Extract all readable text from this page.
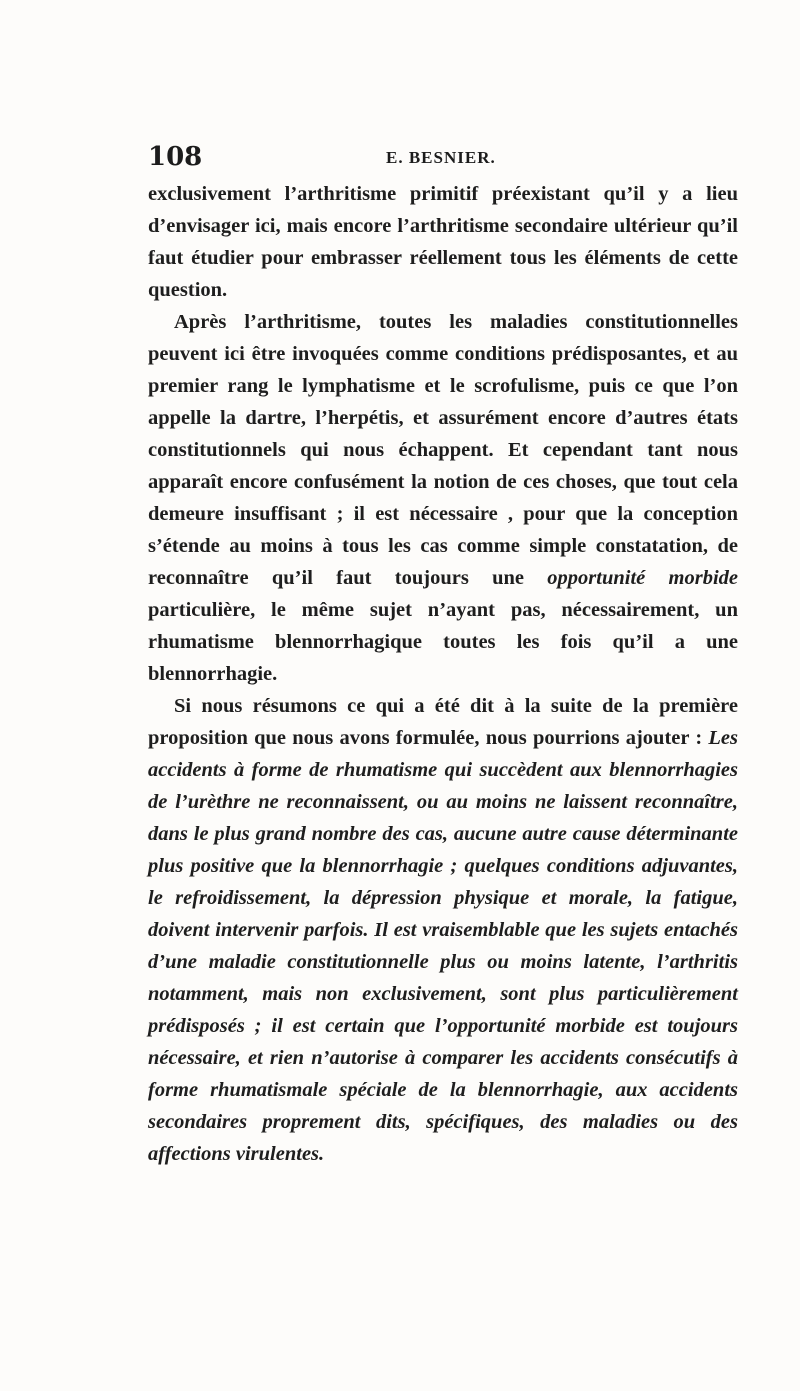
108	E. BESNIER.

exclusivement l’arthritisme primitif préexistant qu’il y a lieu d’envisager ici, mais encore l’arthritisme secondaire ultérieur qu’il faut étudier pour embrasser réellement tous les éléments de cette question.

Après l’arthritisme, toutes les maladies constitutionnelles peuvent ici être invoquées comme conditions prédisposantes, et au premier rang le lymphatisme et le scrofulisme, puis ce que l’on appelle la dartre, l’herpétis, et assurément encore d’autres états constitutionnels qui nous échappent. Et cependant tant nous apparaît encore confusément la notion de ces choses, que tout cela demeure insuffisant ; il est nécessaire , pour que la conception s’étende au moins à tous les cas comme simple constatation, de reconnaître qu’il faut toujours une opportunité morbide particulière, le même sujet n’ayant pas, nécessairement, un rhumatisme blennorrhagique toutes les fois qu’il a une blennorrhagie.

Si nous résumons ce qui a été dit à la suite de la première proposition que nous avons formulée, nous pourrions ajouter : Les accidents à forme de rhumatisme qui succèdent aux blennorrhagies de l’urèthre ne reconnaissent, ou au moins ne laissent reconnaître, dans le plus grand nombre des cas, aucune autre cause déterminante plus positive que la blennorrhagie ; quelques conditions adjuvantes, le refroidissement, la dépression physique et morale, la fatigue, doivent intervenir parfois. Il est vraisemblable que les sujets entachés d’une maladie constitutionnelle plus ou moins latente, l’arthritis notamment, mais non exclusivement, sont plus particulièrement prédisposés ; il est certain que l’opportunité morbide est toujours nécessaire, et rien n’autorise à comparer les accidents consécutifs à forme rhumatismale spéciale de la blennorrhagie, aux accidents secondaires proprement dits, spécifiques, des maladies ou des affections virulentes.
